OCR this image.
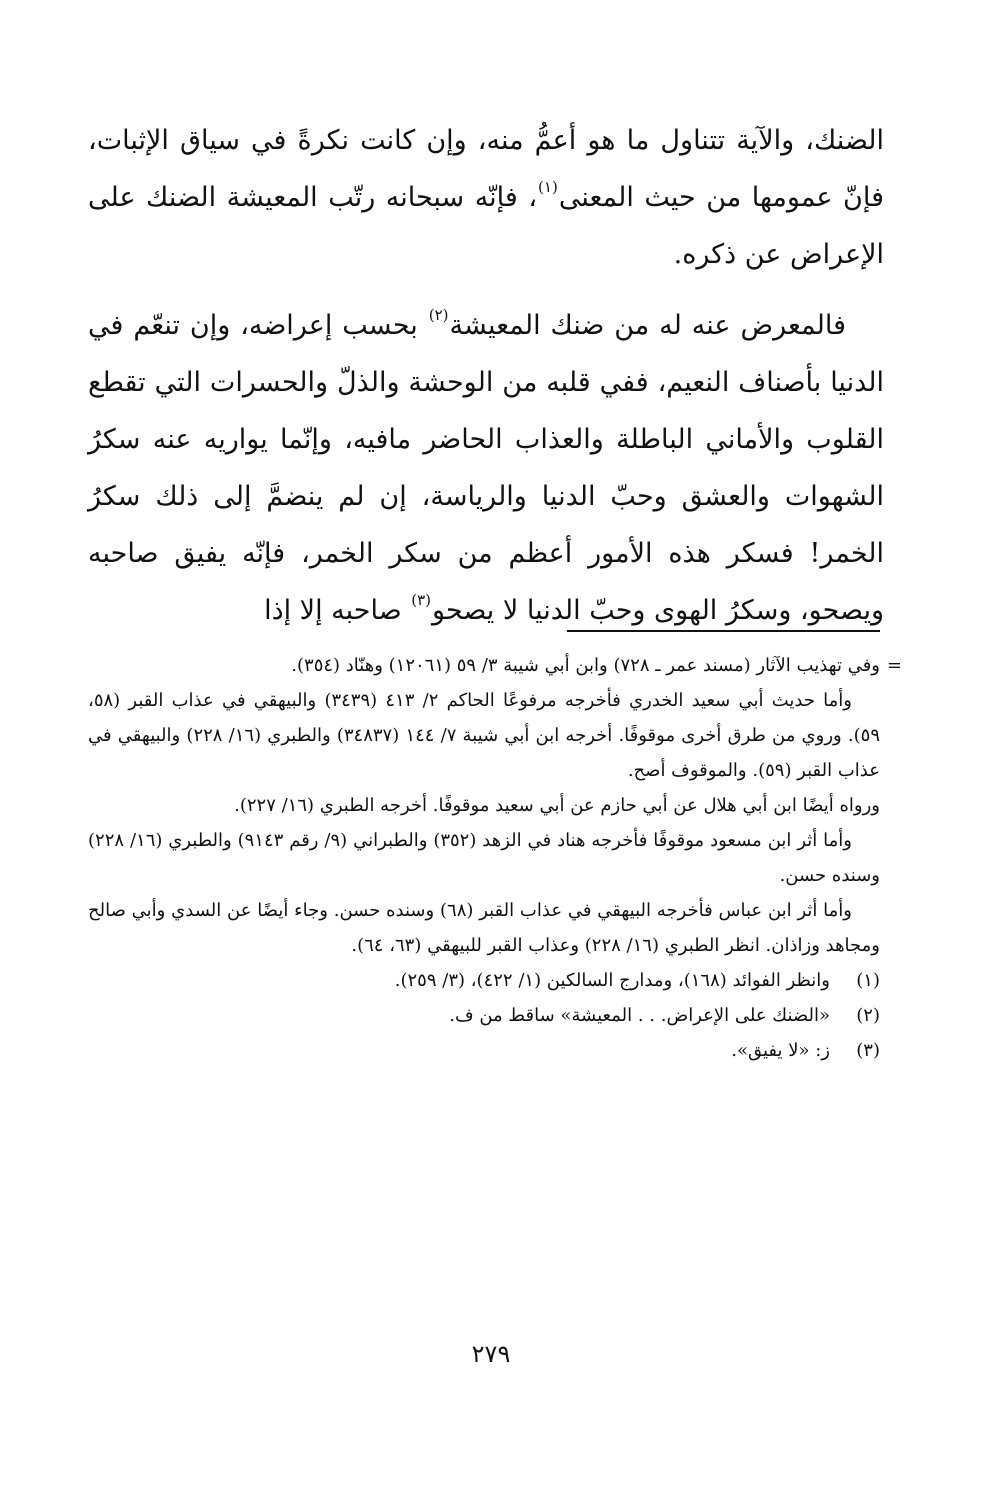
الضنك، والآية تتناول ما هو أعمُّ منه، وإن كانت نكرةً في سياق الإثبات، فإنّ عمومها من حيث المعنى$^{(١)}$، فإنّه سبحانه رتّب المعيشة الضنك على الإعراض عن ذكره.

فالمعرض عنه له من ضنك المعيشة$^{(٢)}$ بحسب إعراضه، وإن تنعّم في الدنيا بأصناف النعيم، ففي قلبه من الوحشة والذلّ والحسرات التي تقطع القلوب والأماني الباطلة والعذاب الحاضر مافيه، وإنّما يواريه عنه سكرُ الشهوات والعشق وحبّ الدنيا والرياسة، إن لم ينضمَّ إلى ذلك سكرُ الخمر! فسكر هذه الأمور أعظم من سكر الخمر، فإنّه يفيق صاحبه ويصحو، وسكرُ الهوى وحبّ الدنيا لا يصحو$^{(٣)}$ صاحبه إلا إذا

=
وفي تهذيب الآثار (مسند عمر ـ ٧٢٨) وابن أبي شيبة ٣/ ٥٩ (١٢٠٦١) وهنّاد (٣٥٤).

وأما حديث أبي سعيد الخدري فأخرجه مرفوعًا الحاكم ٢/ ٤١٣ (٣٤٣٩) والبيهقي في عذاب القبر (٥٨، ٥٩). وروي من طرق أخرى موقوفًا. أخرجه ابن أبي شيبة ٧/ ١٤٤ (٣٤٨٣٧) والطبري (١٦/ ٢٢٨) والبيهقي في عذاب القبر (٥٩). والموقوف أصح.

ورواه أيضًا ابن أبي هلال عن أبي حازم عن أبي سعيد موقوفًا. أخرجه الطبري (١٦/ ٢٢٧).

وأما أثر ابن مسعود موقوفًا فأخرجه هناد في الزهد (٣٥٢) والطبراني (٩/ رقم ٩١٤٣) والطبري (١٦/ ٢٢٨) وسنده حسن.

وأما أثر ابن عباس فأخرجه البيهقي في عذاب القبر (٦٨) وسنده حسن. وجاء أيضًا عن السدي وأبي صالح ومجاهد وزاذان. انظر الطبري (١٦/ ٢٢٨) وعذاب القبر للبيهقي (٦٣، ٦٤).

(١)
وانظر الفوائد (١٦٨)، ومدارج السالكين (١/ ٤٢٢)، (٣/ ٢٥٩).
(٢)
«الضنك على الإعراض. . . المعيشة» ساقط من ف.
(٣)
ز: «لا يفيق».
٢٧٩
